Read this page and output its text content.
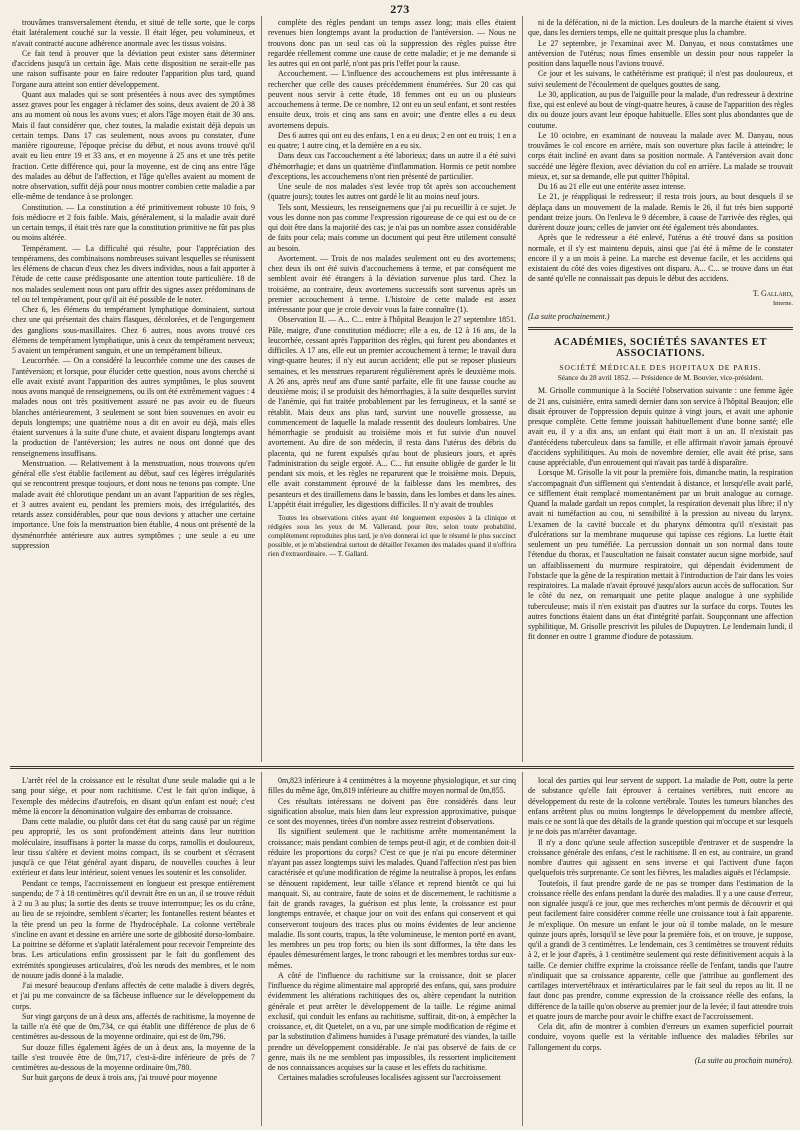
273

trouvâmes transversalement étendu, et situé de telle sorte, que le corps était latéralement couché sur la vessie. Il était léger, peu volumineux, et n'avait contracté aucune adhérence anormale avec les tissus voisins.

Ce fait tend à prouver que la déviation peut exister sans déterminer d'accidens jusqu'à un certain âge. Mais cette disposition ne serait-elle pas une raison suffisante pour en faire redouter l'apparition plus tard, quand l'organe aura atteint son entier développement.

Quant aux malades qui se sont présentées à nous avec des symptômes assez graves pour les engager à réclamer des soins, deux avaient de 20 à 38 ans au moment où nous les avons vues; et alors l'âge moyen était de 30 ans. Mais il faut considérer que, chez toutes, la maladie existait déjà depuis un certain temps. Dans 17 cas seulement, nous avons pu constater, d'une manière rigoureuse, l'époque précise du début, et nous avons trouvé qu'il avait eu lieu entre 19 et 33 ans, et en moyenne à 25 ans et une très petite fraction. Cette différence qui, pour la moyenne, est de cinq ans entre l'âge des malades au début de l'affection, et l'âge qu'elles avaient au moment de notre observation, suffit déjà pour nous montrer combien cette maladie a par elle-même de tendance à se prolonger.

Constitution. — La constitution a été primitivement robuste 10 fois, 9 fois médiocre et 2 fois faible. Mais, généralement, si la maladie avait duré un certain temps, il était très rare que la constitution primitive ne fût pas plus ou moins altérée.

Tempérament. — La difficulté qui résulte, pour l'appréciation des tempéramens, des combinaisons nombreuses suivant lesquelles se réunissent les élémens de chacun d'eux chez les divers individus, nous a fait apporter à l'étude de cette cause prédisposante une attention toute particulière. 18 de nos malades seulement nous ont paru offrir des signes assez prédominans de tel ou tel tempérament, pour qu'il ait été possible de le noter.

Chez 6, les élémens du tempérament lymphatique dominaient, surtout chez une qui présentait des chairs flasques, décolorées, et de l'engorgement des ganglions sous-maxillaires. Chez 6 autres, nous avons trouvé ces élémens de tempérament lymphatique, unis à ceux du tempérament nerveux; 5 avaient un tempérament sanguin, et une un tempérament bilieux.

Leucorrhée. — On a considéré la leucorrhée comme une des causes de l'antéversion; et lorsque, pour élucider cette question, nous avons cherché si elle avait existé avant l'apparition des autres symptômes, le plus souvent nous avons manqué de renseignemens, ou ils ont été extrêmement vagues : 4 malades nous ont très positivement assuré ne pas avoir eu de flueurs blanches antérieurement, 3 seulement se sont bien souvenues en avoir eu depuis longtemps; une quatrième nous a dit en avoir eu déjà, mais elles étaient survenues à la suite d'une chute, et avaient disparu longtemps avant la production de l'antéversion; les autres ne nous ont donné que des renseignemens insuffisans.

Menstruation. — Relativement à la menstruation, nous trouvons qu'en général elle s'est établie facilement au début, sauf ces légères irrégularités qui se rencontrent presque toujours, et dont nous ne tenons pas compte. Une malade avait été chlorotique pendant un an avant l'apparition de ses règles, et 3 autres avaient eu, pendant les premiers mois, des irrégularités, des retards assez considérables, pour que nous devions y attacher une certaine importance. Une fois la menstruation bien établie, 4 nous ont présenté de la dysménorrhée antérieure aux autres symptômes ; une seule a eu une suppression

complète des règles pendant un temps assez long; mais elles étaient revenues bien longtemps avant la production de l'antéversion. — Nous ne trouvons donc pas un seul cas où la suppression des règles puisse être regardée réellement comme une cause de cette maladie; et je me demande si les autres qui en ont parlé, n'ont pas pris l'effet pour la cause.

Accouchement. — L'influence des accouchemens est plus intéressante à rechercher que celle des causes précédemment énumérées. Sur 20 cas qui peuvent nous servir à cette étude, 18 femmes ont eu un ou plusieurs accouchemens à terme. De ce nombre, 12 ont eu un seul enfant, et sont restées ensuite deux, trois et cinq ans sans en avoir; une d'entre elles a eu deux avortemens depuis.

Des 6 autres qui ont eu des enfans, 1 en a eu deux; 2 en ont eu trois; 1 en a eu quatre; 1 autre cinq, et la dernière en a eu six.

Dans deux cas l'accouchement a été laborieux; dans un autre il a été suivi d'hémorrhagie; et dans un quatrième d'inflammation. Hormis ce petit nombre d'exceptions, les accouchemens n'ont rien présenté de particulier.

Une seule de nos malades s'est levée trop tôt après son accouchement (quatre jours); toutes les autres ont gardé le lit au moins neuf jours.

Tels sont, Messieurs, les renseignemens que j'ai pu recueillir à ce sujet. Je vous les donne non pas comme l'expression rigoureuse de ce qui est ou de ce qui doit être dans la majorité des cas; je n'ai pas un nombre assez considérable de faits pour cela; mais comme un document qui peut être utilement consulté au besoin.

Avortement. — Trois de nos malades seulement ont eu des avortemens; chez deux ils ont été suivis d'accouchemens à terme, et par conséquent me semblent avoir été étrangers à la déviation survenue plus tard. Chez la troisième, au contraire, deux avortemens successifs sont survenus après un premier accouchement à terme. L'histoire de cette malade est assez intéressante pour que je croie devoir vous la faire connaître (1).

Observation II. — A... C... entre à l'hôpital Beaujon le 27 septembre 1851. Pâle, maigre, d'une constitution médiocre; elle a eu, de 12 à 16 ans, de la leucorrhée, cessant après l'apparition des règles, qui furent peu abondantes et difficiles. A 17 ans, elle eut un premier accouchement à terme; le travail dura vingt-quatre heures; il n'y eut aucun accident; elle put se reposer plusieurs semaines, et les menstrues reparurent régulièrement après le deuxième mois. A 26 ans, après neuf ans d'une santé parfaite, elle fit une fausse couche au deuxième mois; il se produisit des hémorrhagies, à la suite desquelles survint de l'anémie, qui fut traitée probablement par les ferrugineux, et la santé se rétablit. Mais deux ans plus tard, survint une nouvelle grossesse, au commencement de laquelle la malade ressentit des douleurs lombaires. Une hémorrhagie se produisit au troisième mois et fut suivie d'un nouvel avortement. Au dire de son médecin, il resta dans l'utérus des débris du placenta, qui ne furent expulsés qu'au bout de plusieurs jours, et après l'administration du seigle ergoté. A... C... fut ensuite obligée de garder le lit pendant six mois, et les règles ne reparurent que le troisième mois. Depuis, elle avait constamment éprouvé de la faiblesse dans les membres, des pesanteurs et des tiraillemens dans le bassin, dans les lombes et dans les aines. L'appétit était irrégulier, les digestions difficiles. Il n'y avait de troubles

Toutes les observations citées ayant été longuement exposées à la clinique et rédigées sous les yeux de M. Vallerand, pour être, selon toute probabilité, complètement reproduites plus tard, je n'en donnerai ici que le résumé le plus succinct possible, et je m'abstiendrai surtout de détailler l'examen des malades quand il n'offrira rien d'extraordinaire. — T. Gallard.

ni de la défécation, ni de la miction. Les douleurs de la marche étaient si vives que, dans les derniers temps, elle ne quittait presque plus la chambre.

Le 27 septembre, je l'examinai avec M. Danyau, et nous constatâmes une antéversion de l'utérus; nous fîmes ensemble un dessin pour nous rappeler la position dans laquelle nous l'avions trouvé.

Ce jour et les suivans, le cathétérisme est pratiqué; il n'est pas douloureux, et suivi seulement de l'écoulement de quelques gouttes de sang.

Le 30, application, au pus de l'aiguille pour la malade, d'un redresseur à dextrine fixe, qui est enlevé au bout de vingt-quatre heures, à cause de l'apparition des règles dix ou douze jours avant leur époque habituelle. Elles sont plus abondantes que de coutume.

Le 10 octobre, en examinant de nouveau la malade avec M. Danyau, nous trouvâmes le col encore en arrière, mais son ouverture plus facile à atteindre; le corps était incliné en avant dans sa position normale. A l'antéversion avait donc succédé une légère flexion, avec déviation du col en arrière. La malade se trouvait mieux, et, sur sa demande, elle put quitter l'hôpital.

Du 16 au 21 elle eut une entérite assez intense.

Le 21, je réappliquai le redresseur; il resta trois jours, au bout desquels il se déplaça dans un mouvement de la malade. Remis le 26, il fut très bien supporté pendant treize jours. On l'enleva le 9 décembre, à cause de l'arrivée des règles, qui durèrent douze jours; celles de janvier ont été également très abondantes.

Après que le redresseur a été enlevé, l'utérus a été trouvé dans sa position normale, et il s'y est maintenu depuis, ainsi que j'ai été à même de le constater encore il y a un mois à peine. La marche est devenue facile, et les accidens qui existaient du côté des voies digestives ont disparu. A... C... se trouve dans un état de santé qu'elle ne connaissait pas depuis le début des accidens.

T. Gallard,
Interne.
(La suite prochainement.)
ACADÉMIES, SOCIÉTÉS SAVANTES ET ASSOCIATIONS.
SOCIÉTÉ MÉDICALE DES HOPITAUX DE PARIS.
Séance du 28 avril 1852. — Présidence de M. Bouvier, vice-président.

M. Grisolle communique à la Société l'observation suivante : une femme âgée de 21 ans, cuisinière, entra samedi dernier dans son service à l'hôpital Beaujon; elle disait éprouver de l'oppression depuis quinze à vingt jours, et avait une aphonie presque complète. Cette femme jouissait habituellement d'une bonne santé; elle avait eu, il y a dix ans, un enfant qui était mort à un an. Il n'existait pas d'antécédens tuberculeux dans sa famille, et elle affirmait n'avoir jamais éprouvé d'accidens syphilitiques. Au mois de novembre dernier, elle avait été prise, sans cause appréciable, d'un enrouement qui n'avait pas tardé à disparaître.

Lorsque M. Grisolle la vit pour la première fois, dimanche matin, la respiration s'accompagnait d'un sifflement qui s'entendait à distance, et lorsqu'elle avait parlé, ce sifflement était remplacé momentanément par un bruit analogue au cornage. Quand la malade gardait un repos complet, la respiration devenait plus libre; il n'y avait ni tuméfaction au cou, ni sensibilité à la pression au niveau du larynx. L'examen de la cavité buccale et du pharynx démontra qu'il n'existait pas d'ulcérations sur la membrane muqueuse qui tapisse ces régions. La luette était seulement un peu tuméfiée. La percussion donnait un son normal dans toute l'étendue du thorax, et l'auscultation ne faisait constater aucun signe morbide, sauf un affaiblissement du murmure respiratoire, qui dépendait évidemment de l'obstacle que la gêne de la respiration mettait à l'introduction de l'air dans les voies respiratoires. La malade n'avait éprouvé jusqu'alors aucun accès de suffocation. Sur le côté du nez, on remarquait une petite plaque analogue à une syphilide tuberculeuse; mais il n'en existait pas d'autres sur la surface du corps. Toutes les autres fonctions étaient dans un état d'intégrité parfait. Soupçonnant une affection syphilitique, M. Grisolle prescrivit les pilules de Dupuytren. Le lendemain lundi, il fit donner en outre 1 gramme d'iodure de potassium.

L'arrêt réel de la croissance est le résultat d'une seule maladie qui a le sang pour siége, et pour nom rachitisme. C'est le fait qu'on indique, à l'exemple des médecins d'autrefois, en disant qu'un enfant est noué; c'est même là encore la dénomination vulgaire des embarras de croissance.

Dans cette maladie, ou plutôt dans cet état du sang causé par un régime peu approprié, les os sont profondément atteints dans leur nutrition moléculaire, insuffisans à porter la masse du corps, ramollis et douloureux, leur tissu s'altère et devient moins compact, ils se courbent et s'écrasent jusqu'à ce que l'état général ayant disparu, de nouvelles couches à leur extérieur et dans leur intérieur, soient venues les soutenir et les consolider.

Pendant ce temps, l'accroissement en longueur est presque entièrement suspendu; de 7 à 18 centimètres qu'il devrait être en un an, il se trouve réduit à 2 ou 3 au plus; la sortie des dents se trouve interrompue; les os du crâne, au lieu de se rejoindre, semblent s'écarter; les fontanelles restent béantes et la tête prend un peu la forme de l'hydrocéphale. La colonne vertébrale s'incline en avant et dessine en arrière une sorte de gibbosité dorso-lombaire. La poitrine se déforme et s'aplatit latéralement pour recevoir l'empreinte des bras. Les articulations enfin grossissent par le fait du gonflement des extrémités spongieuses articulaires, d'où les nœuds des membres, et le nom de nouure jadis donné à la maladie.

J'ai mesuré beaucoup d'enfans affectés de cette maladie à divers degrés, et j'ai pu me convaincre de sa fâcheuse influence sur le développement du corps.

Sur vingt garçons de un à deux ans, affectés de rachitisme, la moyenne de la taille n'a été que de 0m,734, ce qui établit une différence de plus de 6 centimètres au-dessous de la moyenne ordinaire, qui est de 0m,796.

Sur douze filles également âgées de un à deux ans, la moyenne de la taille s'est trouvée être de 0m,717, c'est-à-dire inférieure de près de 7 centimètres au-dessous de la moyenne ordinaire 0m,780.

Sur huit garçons de deux à trois ans, j'ai trouvé pour moyenne

0m,823 inférieure à 4 centimètres à la moyenne physiologique, et sur cinq filles du même âge, 0m,819 inférieure au chiffre moyen normal de 0m,855.

Ces résultats intéressans ne doivent pas être considérés dans leur signification absolue, mais bien dans leur expression approximative, puisque ce sont des moyennes, tirées d'un nombre assez restreint d'observations.

Ils signifient seulement que le rachitisme arrête momentanément la croissance; mais pendant combien de temps peut-il agir, et de combien doit-il réduire les proportions du corps? C'est ce que je n'ai pu encore déterminer n'ayant pas assez longtemps suivi les malades. Quand l'affection n'est pas bien caractérisée et qu'une modification de régime la neutralise à propos, les enfans se dénouent rapidement, leur taille s'élance et reprend bientôt ce qui lui manquait. Si, au contraire, faute de soins et de discernement, le rachitisme a fait de grands ravages, la guérison est plus lente, la croissance est pour longtemps entravée, et chaque jour on voit des enfans qui conservent et qui conserveront toujours des traces plus ou moins évidentes de leur ancienne maladie. Ils sont courts, trapus, la tête volumineuse, le menton porté en avant, les membres un peu trop forts; ou bien ils sont difformes, la tête dans les épaules démesurément larges, le tronc rabougri et les membres tordus sur eux-mêmes.

A côté de l'influence du rachitisme sur la croissance, doit se placer l'influence du régime alimentaire mal approprié des enfans, qui, sans produire évidemment les altérations rachitiques des os, altère cependant la nutrition générale et peut arrêter le développement de la taille. Le régime animal exclusif, qui conduit les enfans au rachitisme, suffirait, dit-on, à empêcher la croissance, et, dit Quetelet, on a vu, par une simple modification de régime et par la substitution d'alimens humides à l'usage prématuré des viandes, la taille prendre un développement considérable. Je n'ai pas observé de faits de ce genre, mais ils ne me semblent pas impossibles, ils ressortent implicitement de nos connaissances acquises sur la cause et les effets du rachitisme.

Certaines maladies scrofuleuses localisées agissent sur l'accroissement

local des parties qui leur servent de support. La maladie de Pott, outre la perte de substance qu'elle fait éprouver à certaines vertèbres, nuit encore au développement du reste de la colonne vertébrale. Toutes les tumeurs blanches des enfans arrêtent plus ou moins longtemps le développement du membre affecté, mais ce ne sont là que des détails de la grande question qui m'occupe et sur lesquels je ne dois pas m'arrêter davantage.

Il n'y a donc qu'une seule affection susceptible d'entraver et de suspendre la croissance générale des enfans, c'est le rachitisme. Il en est, au contraire, un grand nombre d'autres qui agissent en sens inverse et qui l'activent d'une façon quelquefois très surprenante. Ce sont les fièvres, les maladies aiguës et l'éclampsie.

Toutefois, il faut prendre garde de ne pas se tromper dans l'estimation de la croissance réelle des enfans pendant la durée des maladies. Il y a une cause d'erreur, non signalée jusqu'à ce jour, que mes recherches m'ont permis de découvrir et qui peut facilement faire considérer comme réelle une croissance tout à fait apparente. Je m'explique. On mesure un enfant le jour où il tombe malade, on le mesure quinze jours après, lorsqu'il se lève pour la première fois, et on trouve, je suppose, qu'il a grandi de 3 centimètres. Le lendemain, ces 3 centimètres se trouvent réduits à 2, et le jour d'après, à 1 centimètre seulement qui reste définitivement acquis à la taille. Ce dernier chiffre exprime la croissance réelle de l'enfant, tandis que l'autre n'indiquait que sa croissance apparente, celle que j'attribue au gonflement des cartilages intervertébraux et intérarticulaires par le fait seul du repos au lit. Il ne faut donc pas prendre, comme expression de la croissance réelle des enfans, la différence de la taille qu'on observe au premier jour de la levée; il faut attendre trois et quatre jours de marche pour avoir le chiffre exact de l'accroissement.

Cela dit, afin de montrer à combien d'erreurs un examen superficiel pourrait conduire, voyons quelle est la véritable influence des maladies fébriles sur l'allongement du corps.

(La suite au prochain numéro).
